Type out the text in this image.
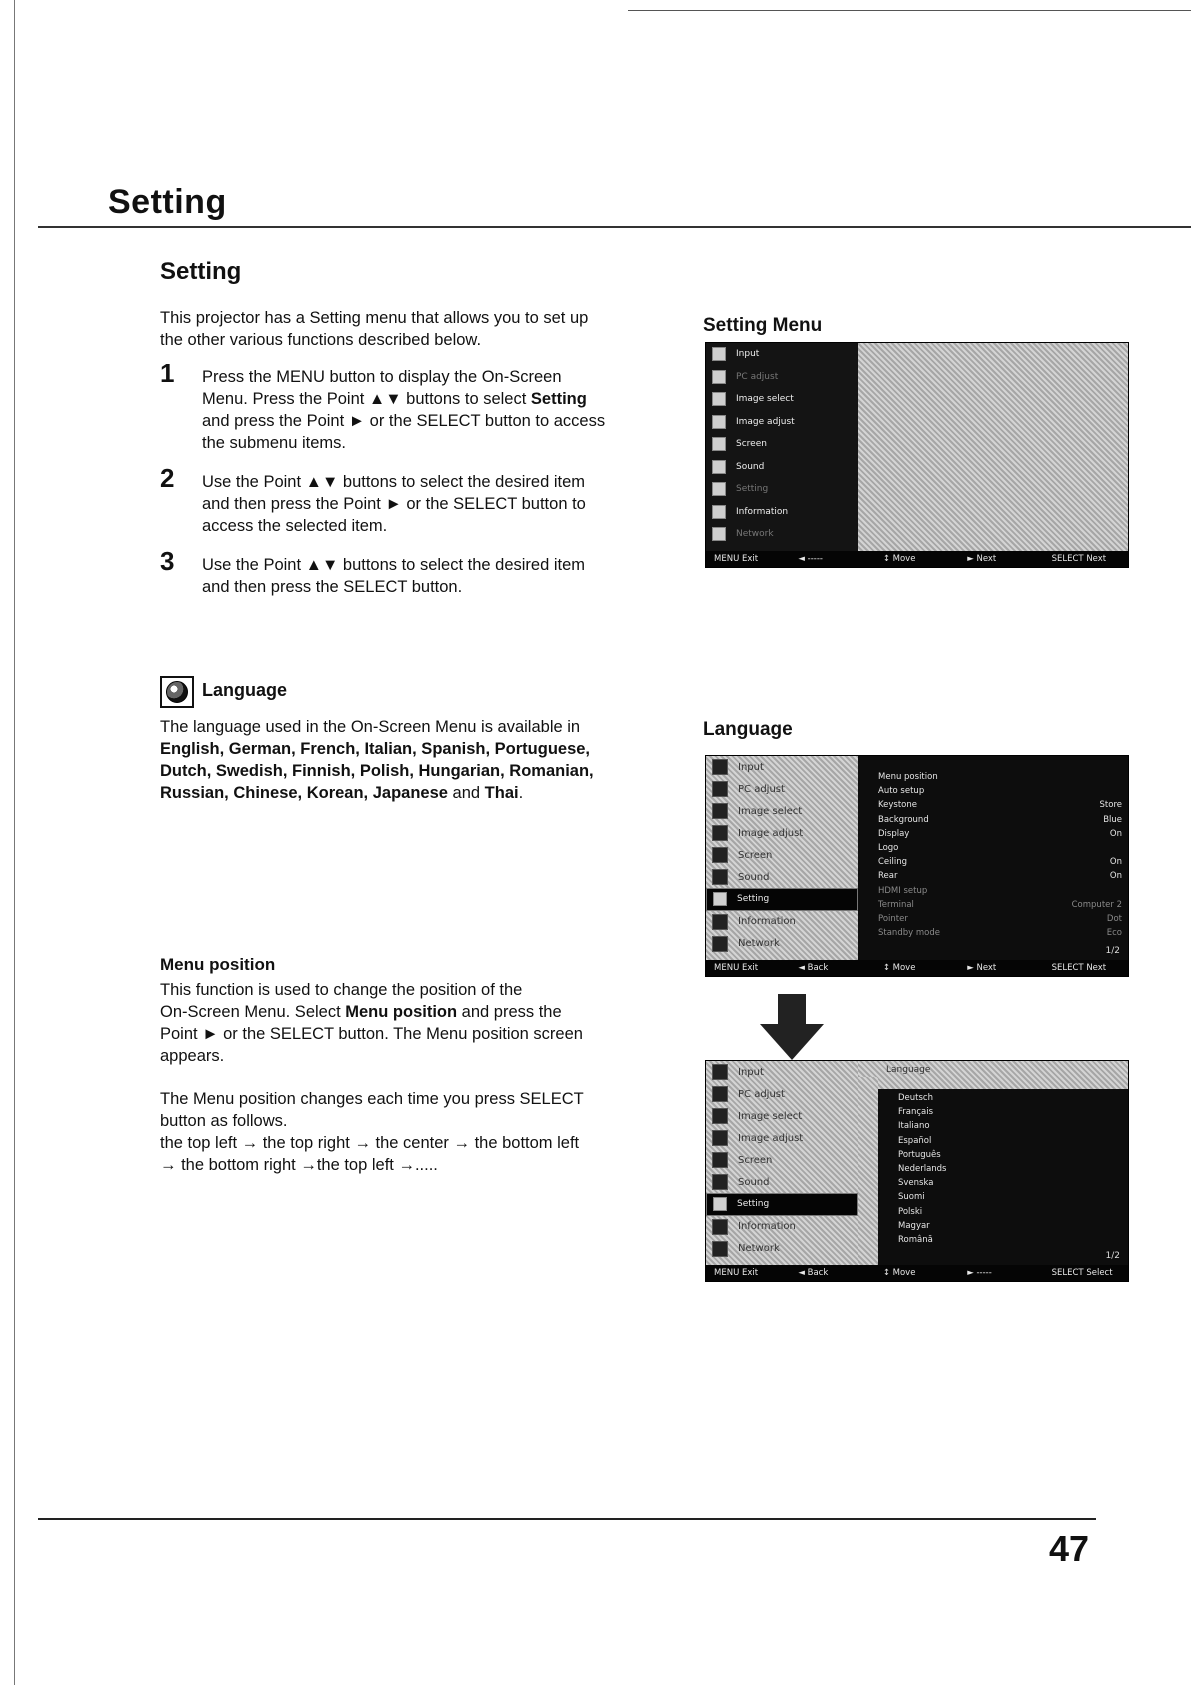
Setting
Setting
This projector has a Setting menu that allows you to set up
the other various functions described below.
1 Press the MENU button to display the On-Screen
Menu. Press the Point ▲▼ buttons to select Setting
and press the Point ► or the SELECT button to access
the submenu items.
2 Use the Point ▲▼ buttons to select the desired item
and then press the Point ► or the SELECT button to
access the selected item.
3 Use the Point ▲▼ buttons to select the desired item
and then press the SELECT button.
Language
The language used in the On-Screen Menu is available in
English, German, French, Italian, Spanish, Portuguese,
Dutch, Swedish, Finnish, Polish, Hungarian, Romanian,
Russian, Chinese, Korean, Japanese and Thai.
Menu position
This function is used to change the position of the
On-Screen Menu. Select Menu position and press the
Point ► or the SELECT button. The Menu position screen
appears.
The Menu position changes each time you press SELECT
button as follows.
the top left → the top right → the center → the bottom left
→ the bottom right →the top left →.....
Setting Menu
Language
Input
PC adjust
Image select
Image adjust
Screen
Sound
Setting
Information
Network
MENU Exit	◄ -----	↕ Move	► Next	SELECT Next
Input
PC adjust
Image select
Image adjust
Screen
Sound
Setting
Information
Network
Menu position
Auto setup
Keystone	Store
Background	Blue
Display	On
Logo
Ceiling	On
Rear	On
HDMI setup
Terminal	Computer 2
Pointer	Dot
Standby mode	Eco
1/2
MENU Exit	◄ Back	↕ Move	► Next	SELECT Next
Input
PC adjust
Image select
Image adjust
Screen
Sound
Setting
Information
Network
Language
Deutsch
Français
Italiano
Español
Português
Nederlands
Svenska
Suomi
Polski
Magyar
Română
1/2
MENU Exit	◄ Back	↕ Move	► -----	SELECT Select
47
